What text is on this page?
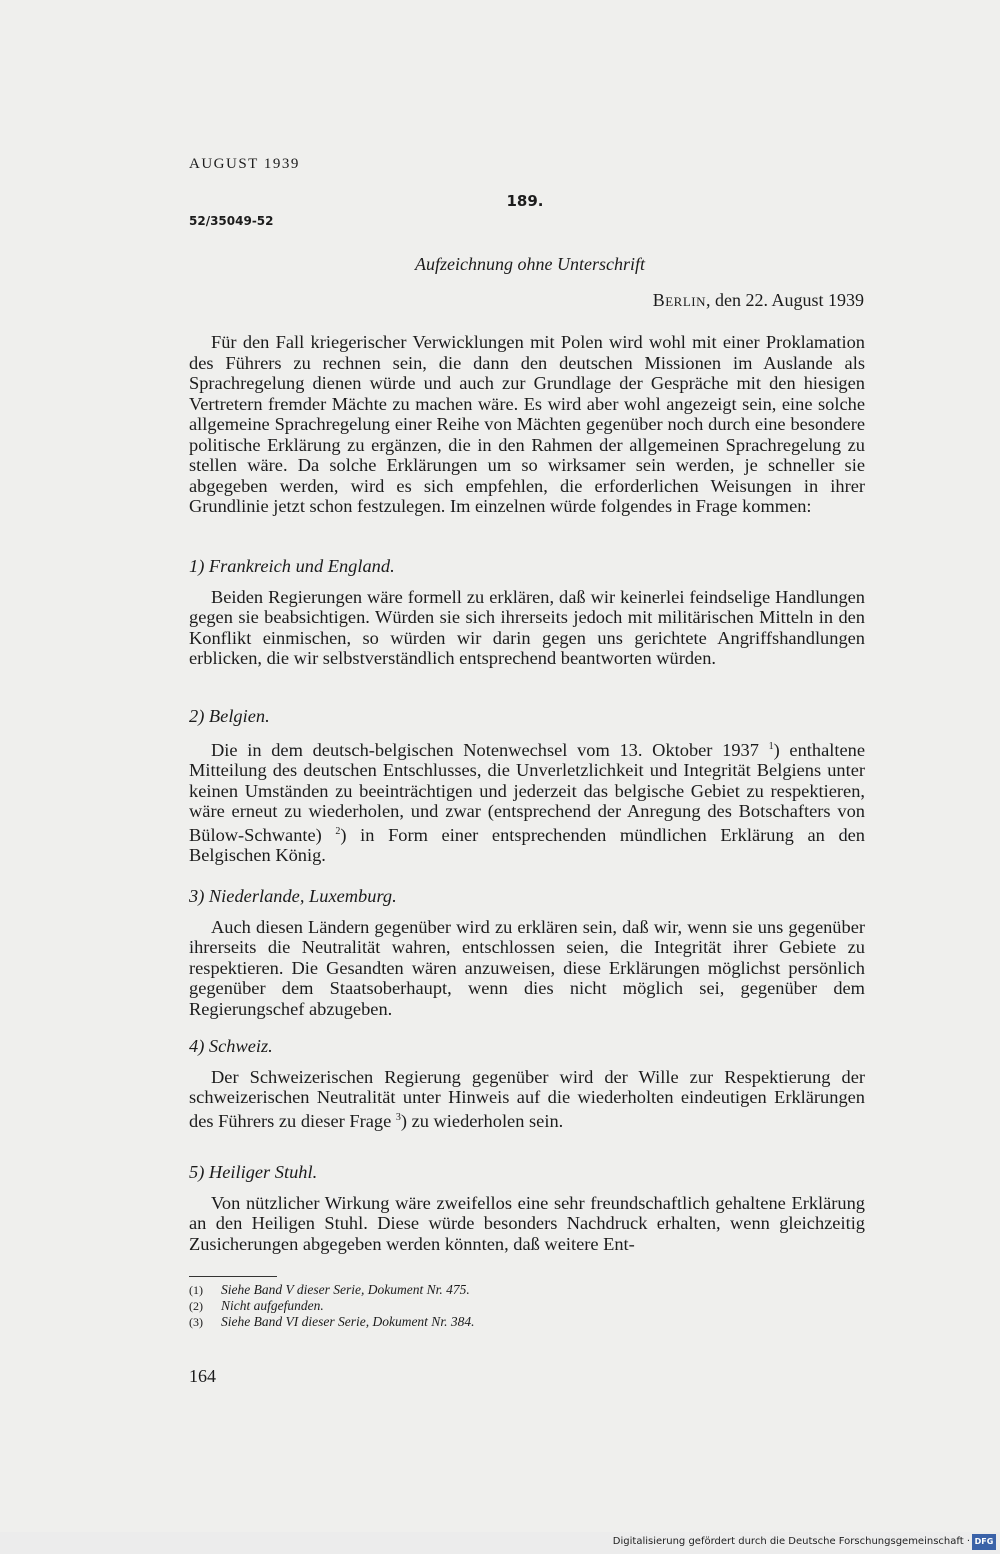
AUGUST 1939
189.
52/35049-52
Aufzeichnung ohne Unterschrift
Berlin, den 22. August 1939

Für den Fall kriegerischer Verwicklungen mit Polen wird wohl mit einer Proklamation des Führers zu rechnen sein, die dann den deutschen Missionen im Auslande als Sprachregelung dienen würde und auch zur Grundlage der Gespräche mit den hiesigen Vertretern fremder Mächte zu machen wäre. Es wird aber wohl angezeigt sein, eine solche allgemeine Sprachregelung einer Reihe von Mächten gegenüber noch durch eine besondere politische Erklärung zu ergänzen, die in den Rahmen der allgemeinen Sprachregelung zu stellen wäre. Da solche Erklärungen um so wirksamer sein werden, je schneller sie abgegeben werden, wird es sich empfehlen, die erforderlichen Weisungen in ihrer Grundlinie jetzt schon festzulegen. Im einzelnen würde folgendes in Frage kommen:

1) Frankreich und England.

Beiden Regierungen wäre formell zu erklären, daß wir keinerlei feindselige Handlungen gegen sie beabsichtigen. Würden sie sich ihrerseits jedoch mit militärischen Mitteln in den Konflikt einmischen, so würden wir darin gegen uns gerichtete Angriffshandlungen erblicken, die wir selbstverständlich entsprechend beantworten würden.

2) Belgien.

Die in dem deutsch-belgischen Notenwechsel vom 13. Oktober 1937 $^1$) enthaltene Mitteilung des deutschen Entschlusses, die Unverletzlichkeit und Integrität Belgiens unter keinen Umständen zu beeinträchtigen und jederzeit das belgische Gebiet zu respektieren, wäre erneut zu wiederholen, und zwar (entsprechend der Anregung des Botschafters von Bülow-Schwante) $^2$) in Form einer entsprechenden mündlichen Erklärung an den Belgischen König.

3) Niederlande, Luxemburg.

Auch diesen Ländern gegenüber wird zu erklären sein, daß wir, wenn sie uns gegenüber ihrerseits die Neutralität wahren, entschlossen seien, die Integrität ihrer Gebiete zu respektieren. Die Gesandten wären anzuweisen, diese Erklärungen möglichst persönlich gegenüber dem Staatsoberhaupt, wenn dies nicht möglich sei, gegenüber dem Regierungschef abzugeben.

4) Schweiz.

Der Schweizerischen Regierung gegenüber wird der Wille zur Respektierung der schweizerischen Neutralität unter Hinweis auf die wiederholten eindeutigen Erklärungen des Führers zu dieser Frage $^3$) zu wiederholen sein.

5) Heiliger Stuhl.

Von nützlicher Wirkung wäre zweifellos eine sehr freundschaftlich gehaltene Erklärung an den Heiligen Stuhl. Diese würde besonders Nachdruck erhalten, wenn gleichzeitig Zusicherungen abgegeben werden könnten, daß weitere Ent-

(1) Siehe Band V dieser Serie, Dokument Nr. 475.
(2) Nicht aufgefunden.
(3) Siehe Band VI dieser Serie, Dokument Nr. 384.
164
Digitalisierung gefördert durch die Deutsche Forschungsgemeinschaft · DFG
